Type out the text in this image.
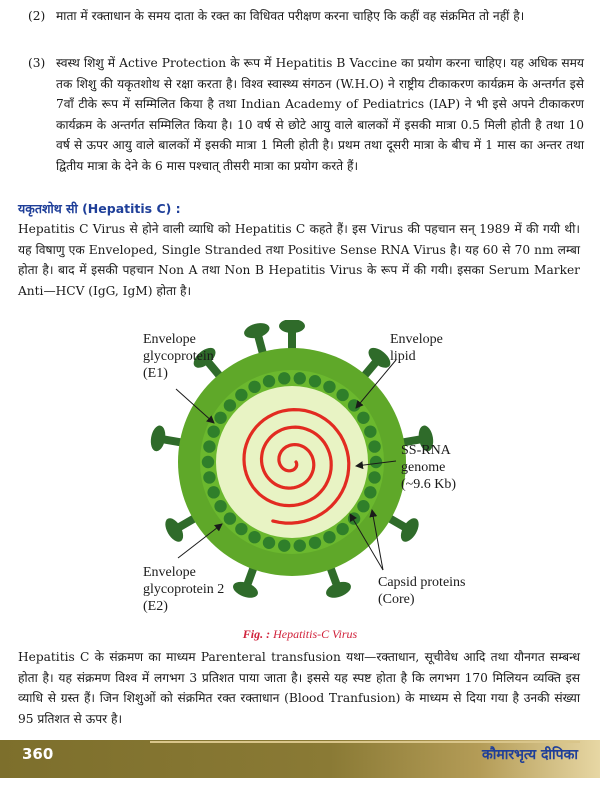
(2) माता में रक्ताधान के समय दाता के रक्त का विधिवत परीक्षण करना चाहिए कि कहीं वह संक्रमित तो नहीं है।
(3) स्वस्थ शिशु में Active Protection के रूप में Hepatitis B Vaccine का प्रयोग करना चाहिए। यह अधिक समय तक शिशु की यकृतशोथ से रक्षा करता है। विश्व स्वास्थ्य संगठन (W.H.O) ने राष्ट्रीय टीकाकरण कार्यक्रम के अन्तर्गत इसे 7वाँ टीके रूप में सम्मिलित किया है तथा Indian Academy of Pediatrics (IAP) ने भी इसे अपने टीकाकरण कार्यक्रम के अन्तर्गत सम्मिलित किया है। 10 वर्ष से छोटे आयु वाले बालकों में इसकी मात्रा 0.5 मिली होती है तथा 10 वर्ष से ऊपर आयु वाले बालकों में इसकी मात्रा 1 मिली होती है। प्रथम तथा दूसरी मात्रा के बीच में 1 मास का अन्तर तथा द्वितीय मात्रा के देने के 6 मास पश्चात् तीसरी मात्रा का प्रयोग करते हैं।
यकृतशोथ सी (Hepatitis C) :
Hepatitis C Virus से होने वाली व्याधि को Hepatitis C कहते हैं। इस Virus की पहचान सन् 1989 में की गयी थी। यह विषाणु एक Enveloped, Single Stranded तथा Positive Sense RNA Virus है। यह 60 से 70 nm लम्बा होता है। बाद में इसकी पहचान Non A तथा Non B Hepatitis Virus के रूप में की गयी। इसका Serum Marker Anti—HCV (IgG, IgM) होता है।
Envelope
glycoprotein
(E1)
Envelope
lipid
SS-RNA
genome
(~9.6 Kb)
Envelope
glycoprotein 2
(E2)
Capsid proteins
(Core)
Fig. : Hepatitis-C Virus
Hepatitis C के संक्रमण का माध्यम Parenteral transfusion यथा—रक्ताधान, सूचीवेध आदि तथा यौनगत सम्बन्ध होता है। यह संक्रमण विश्व में लगभग 3 प्रतिशत पाया जाता है। इससे यह स्पष्ट होता है कि लगभग 170 मिलियन व्यक्ति इस व्याधि से ग्रस्त हैं। जिन शिशुओं को संक्रमित रक्त रक्ताधान (Blood Tranfusion) के माध्यम से दिया गया है उनकी संख्या 95 प्रतिशत से ऊपर है।
360	कौमारभृत्य दीपिका
